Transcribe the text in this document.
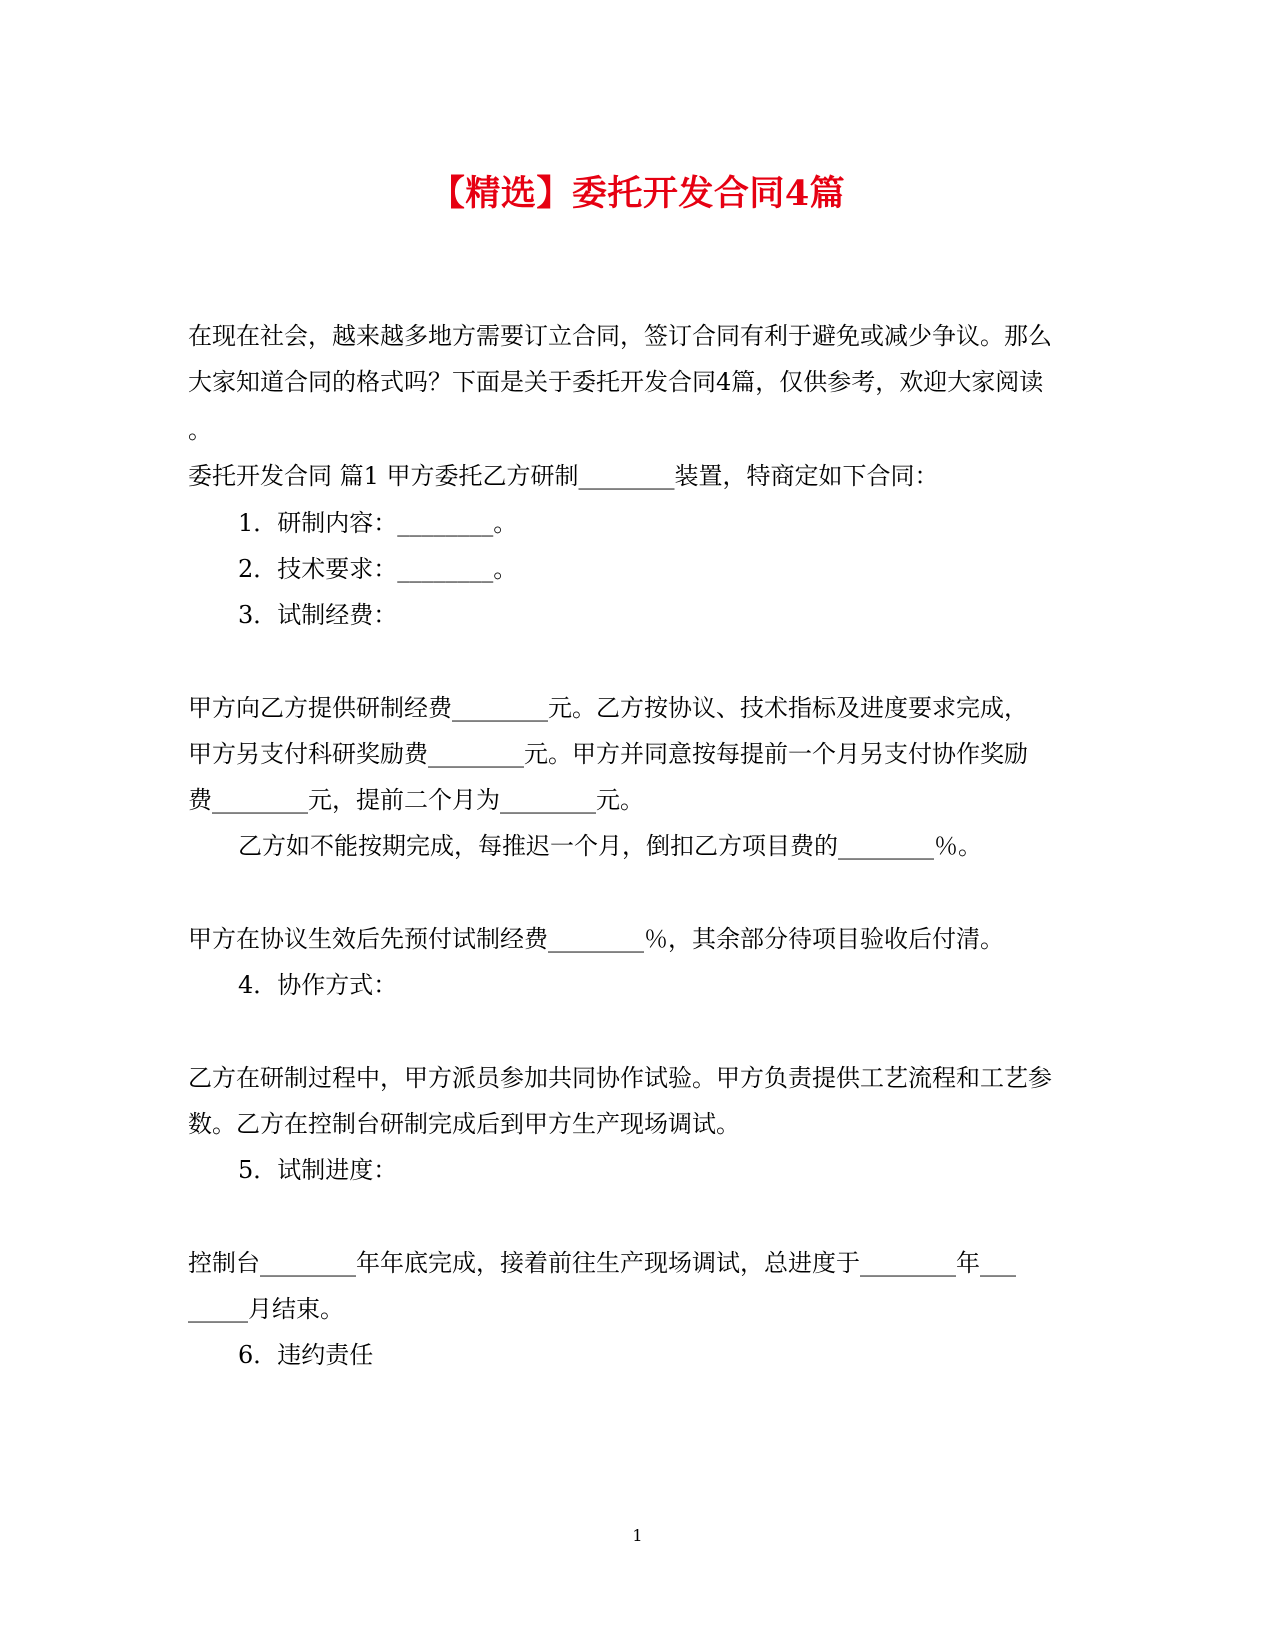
【精选】委托开发合同4篇
在现在社会，越来越多地方需要订立合同，签订合同有利于避免或减少争议。那么
大家知道合同的格式吗？下面是关于委托开发合同4篇，仅供参考，欢迎大家阅读
。
委托开发合同 篇1 甲方委托乙方研制________装置，特商定如下合同：
1．研制内容：________。
2．技术要求：________。
3．试制经费：
甲方向乙方提供研制经费________元。乙方按协议、技术指标及进度要求完成，
甲方另支付科研奖励费________元。甲方并同意按每提前一个月另支付协作奖励
费________元，提前二个月为________元。
乙方如不能按期完成，每推迟一个月，倒扣乙方项目费的________％。
甲方在协议生效后先预付试制经费________％，其余部分待项目验收后付清。
4．协作方式：
乙方在研制过程中，甲方派员参加共同协作试验。甲方负责提供工艺流程和工艺参
数。乙方在控制台研制完成后到甲方生产现场调试。
5．试制进度：
控制台________年年底完成，接着前往生产现场调试，总进度于________年___
_____月结束。
6．违约责任
1
